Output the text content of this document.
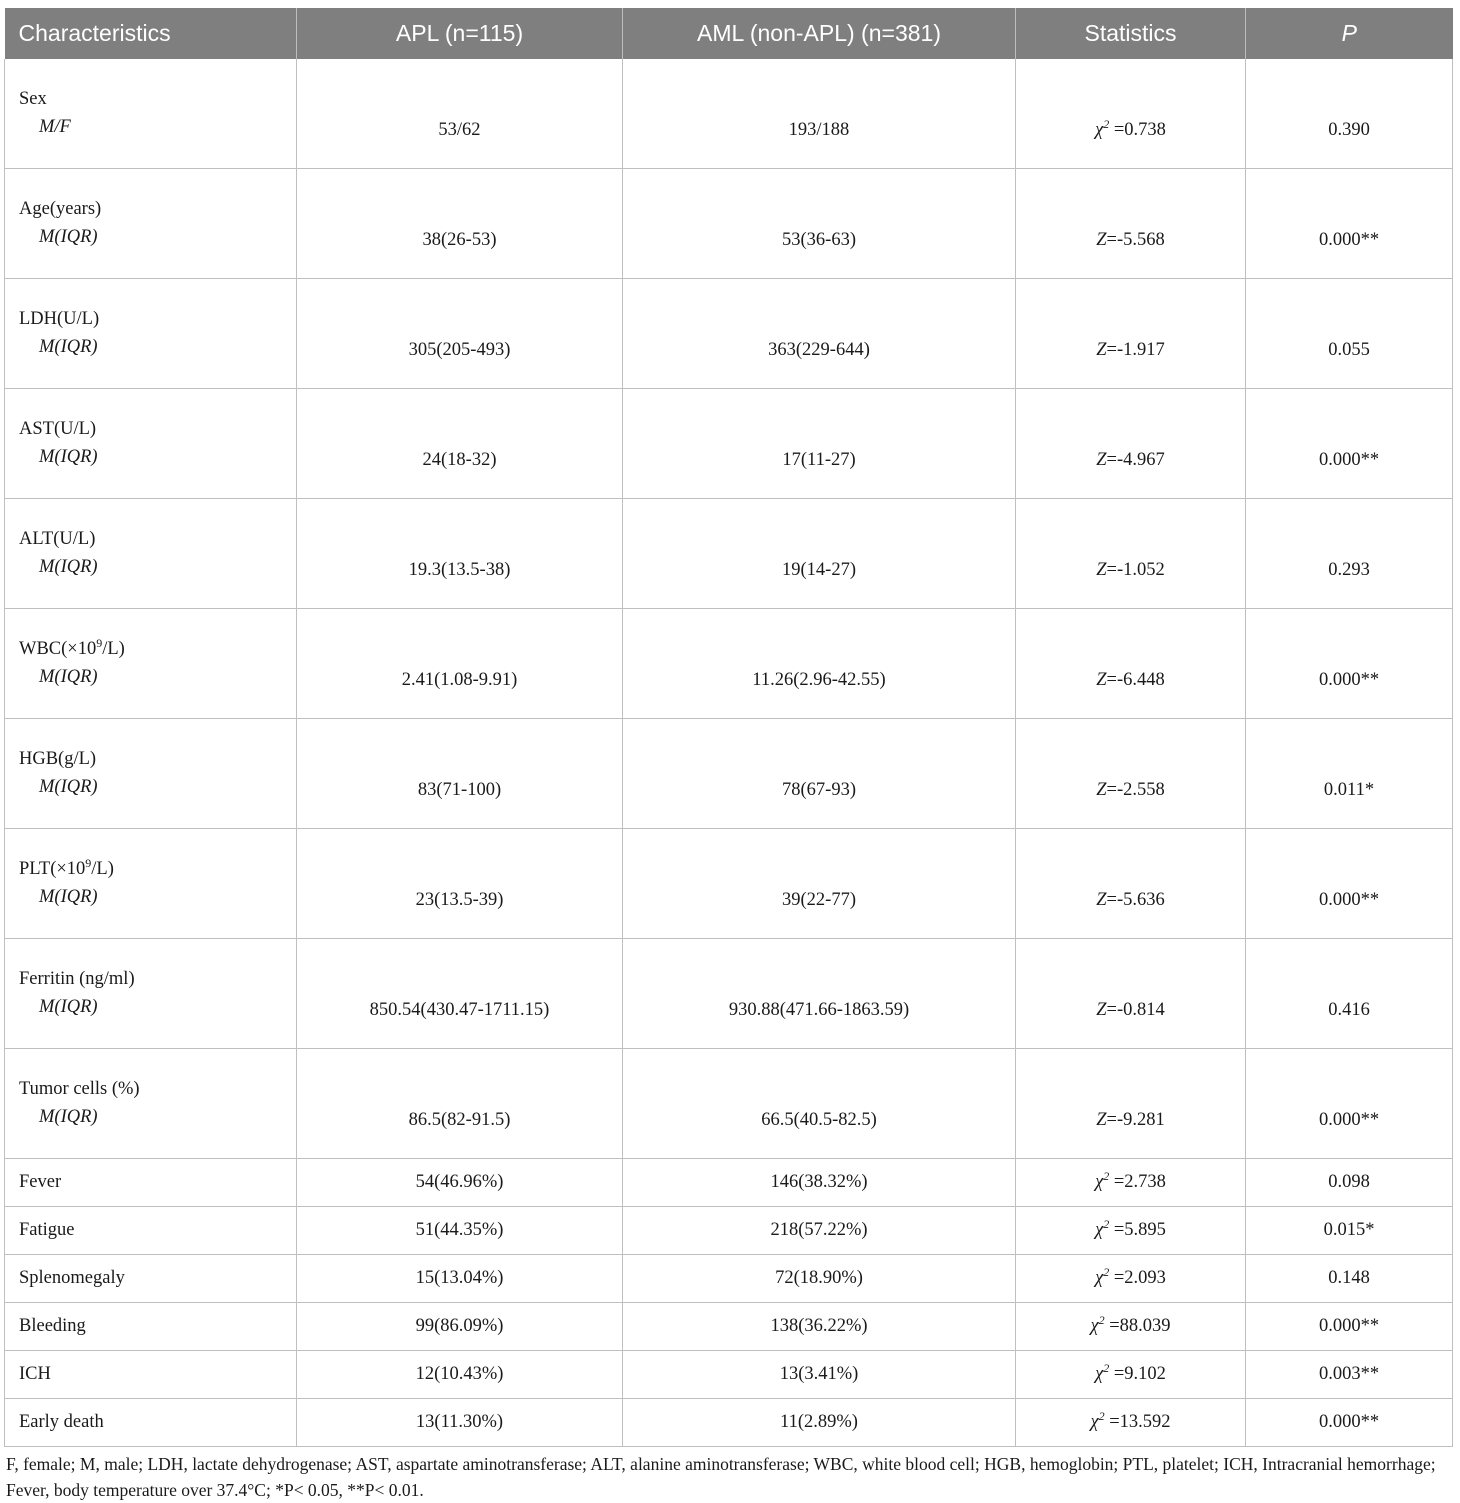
Characteristics	APL (n=115)	AML (non-APL) (n=381)	Statistics	P
Sex
M/F	53/62	193/188	$\chi^2 =0.738$	0.390
Age(years)
M(IQR)	38(26-53)	53(36-63)	Z=-5.568	0.000**
LDH(U/L)
M(IQR)	305(205-493)	363(229-644)	Z=-1.917	0.055
AST(U/L)
M(IQR)	24(18-32)	17(11-27)	Z=-4.967	0.000**
ALT(U/L)
M(IQR)	19.3(13.5-38)	19(14-27)	Z=-1.052	0.293
$WBC(\times 10^9/L)$
M(IQR)	2.41(1.08-9.91)	11.26(2.96-42.55)	Z=-6.448	0.000**
HGB(g/L)
M(IQR)	83(71-100)	78(67-93)	Z=-2.558	0.011*
$PLT(\times 10^9/L)$
M(IQR)	23(13.5-39)	39(22-77)	Z=-5.636	0.000**
Ferritin (ng/ml)
M(IQR)	850.54(430.47-1711.15)	930.88(471.66-1863.59)	Z=-0.814	0.416
Tumor cells (%)
M(IQR)	86.5(82-91.5)	66.5(40.5-82.5)	Z=-9.281	0.000**
Fever	54(46.96%)	146(38.32%)	$\chi^2 =2.738$	0.098
Fatigue	51(44.35%)	218(57.22%)	$\chi^2 =5.895$	0.015*
Splenomegaly	15(13.04%)	72(18.90%)	$\chi^2 =2.093$	0.148
Bleeding	99(86.09%)	138(36.22%)	$\chi^2 =88.039$	0.000**
ICH	12(10.43%)	13(3.41%)	$\chi^2 =9.102$	0.003**
Early death	13(11.30%)	11(2.89%)	$\chi^2 =13.592$	0.000**
F, female; M, male; LDH, lactate dehydrogenase; AST, aspartate aminotransferase; ALT, alanine aminotransferase; WBC, white blood cell; HGB, hemoglobin; PTL, platelet; ICH, Intracranial hemorrhage; Fever, body temperature over 37.4°C; *P< 0.05, **P< 0.01.
